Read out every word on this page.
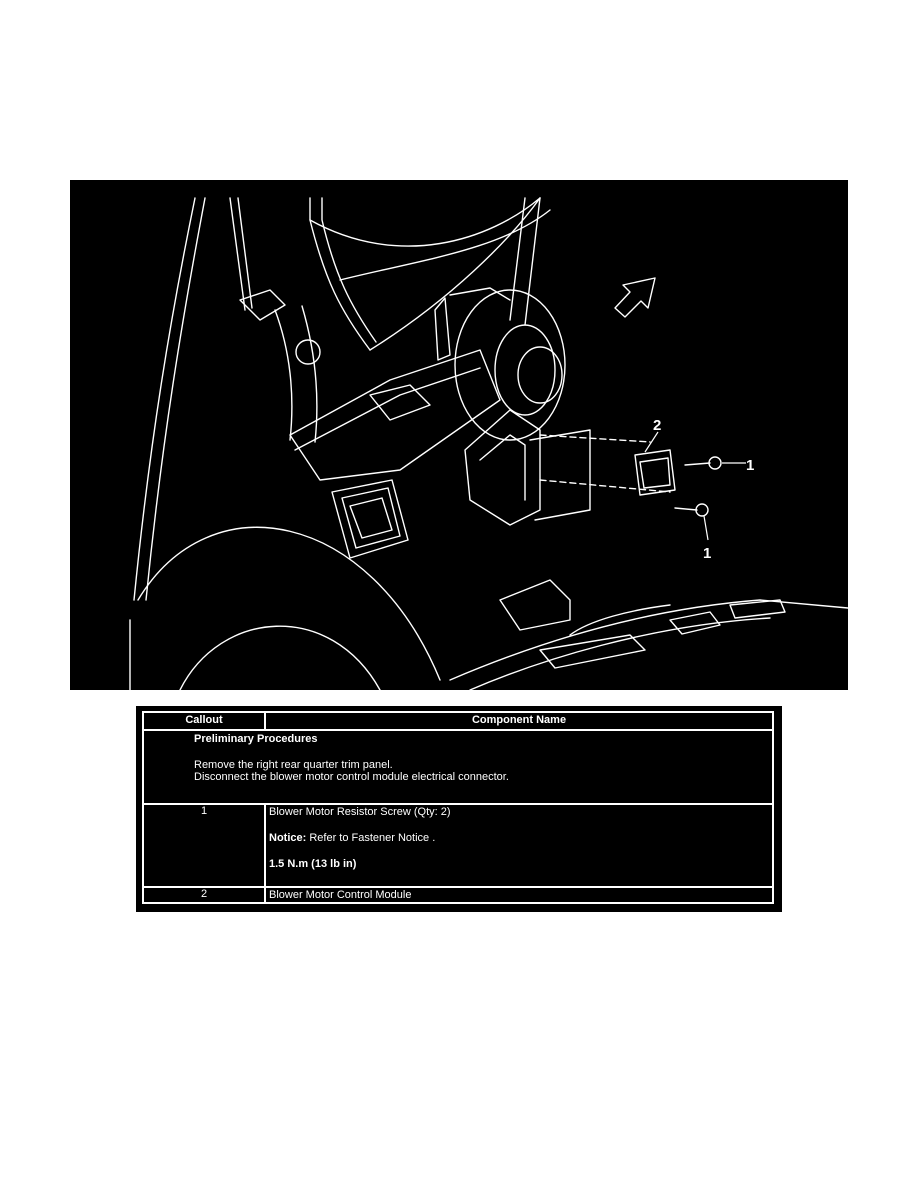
2
1
1
Callout	Component Name

Preliminary Procedures
Remove the right rear quarter trim panel.
Disconnect the blower motor control module electrical connector.	

1	Blower Motor Resistor Screw (Qty: 2)
Notice: Refer to Fastener Notice .
1.5 N.m (13 lb in)

2	Blower Motor Control Module
